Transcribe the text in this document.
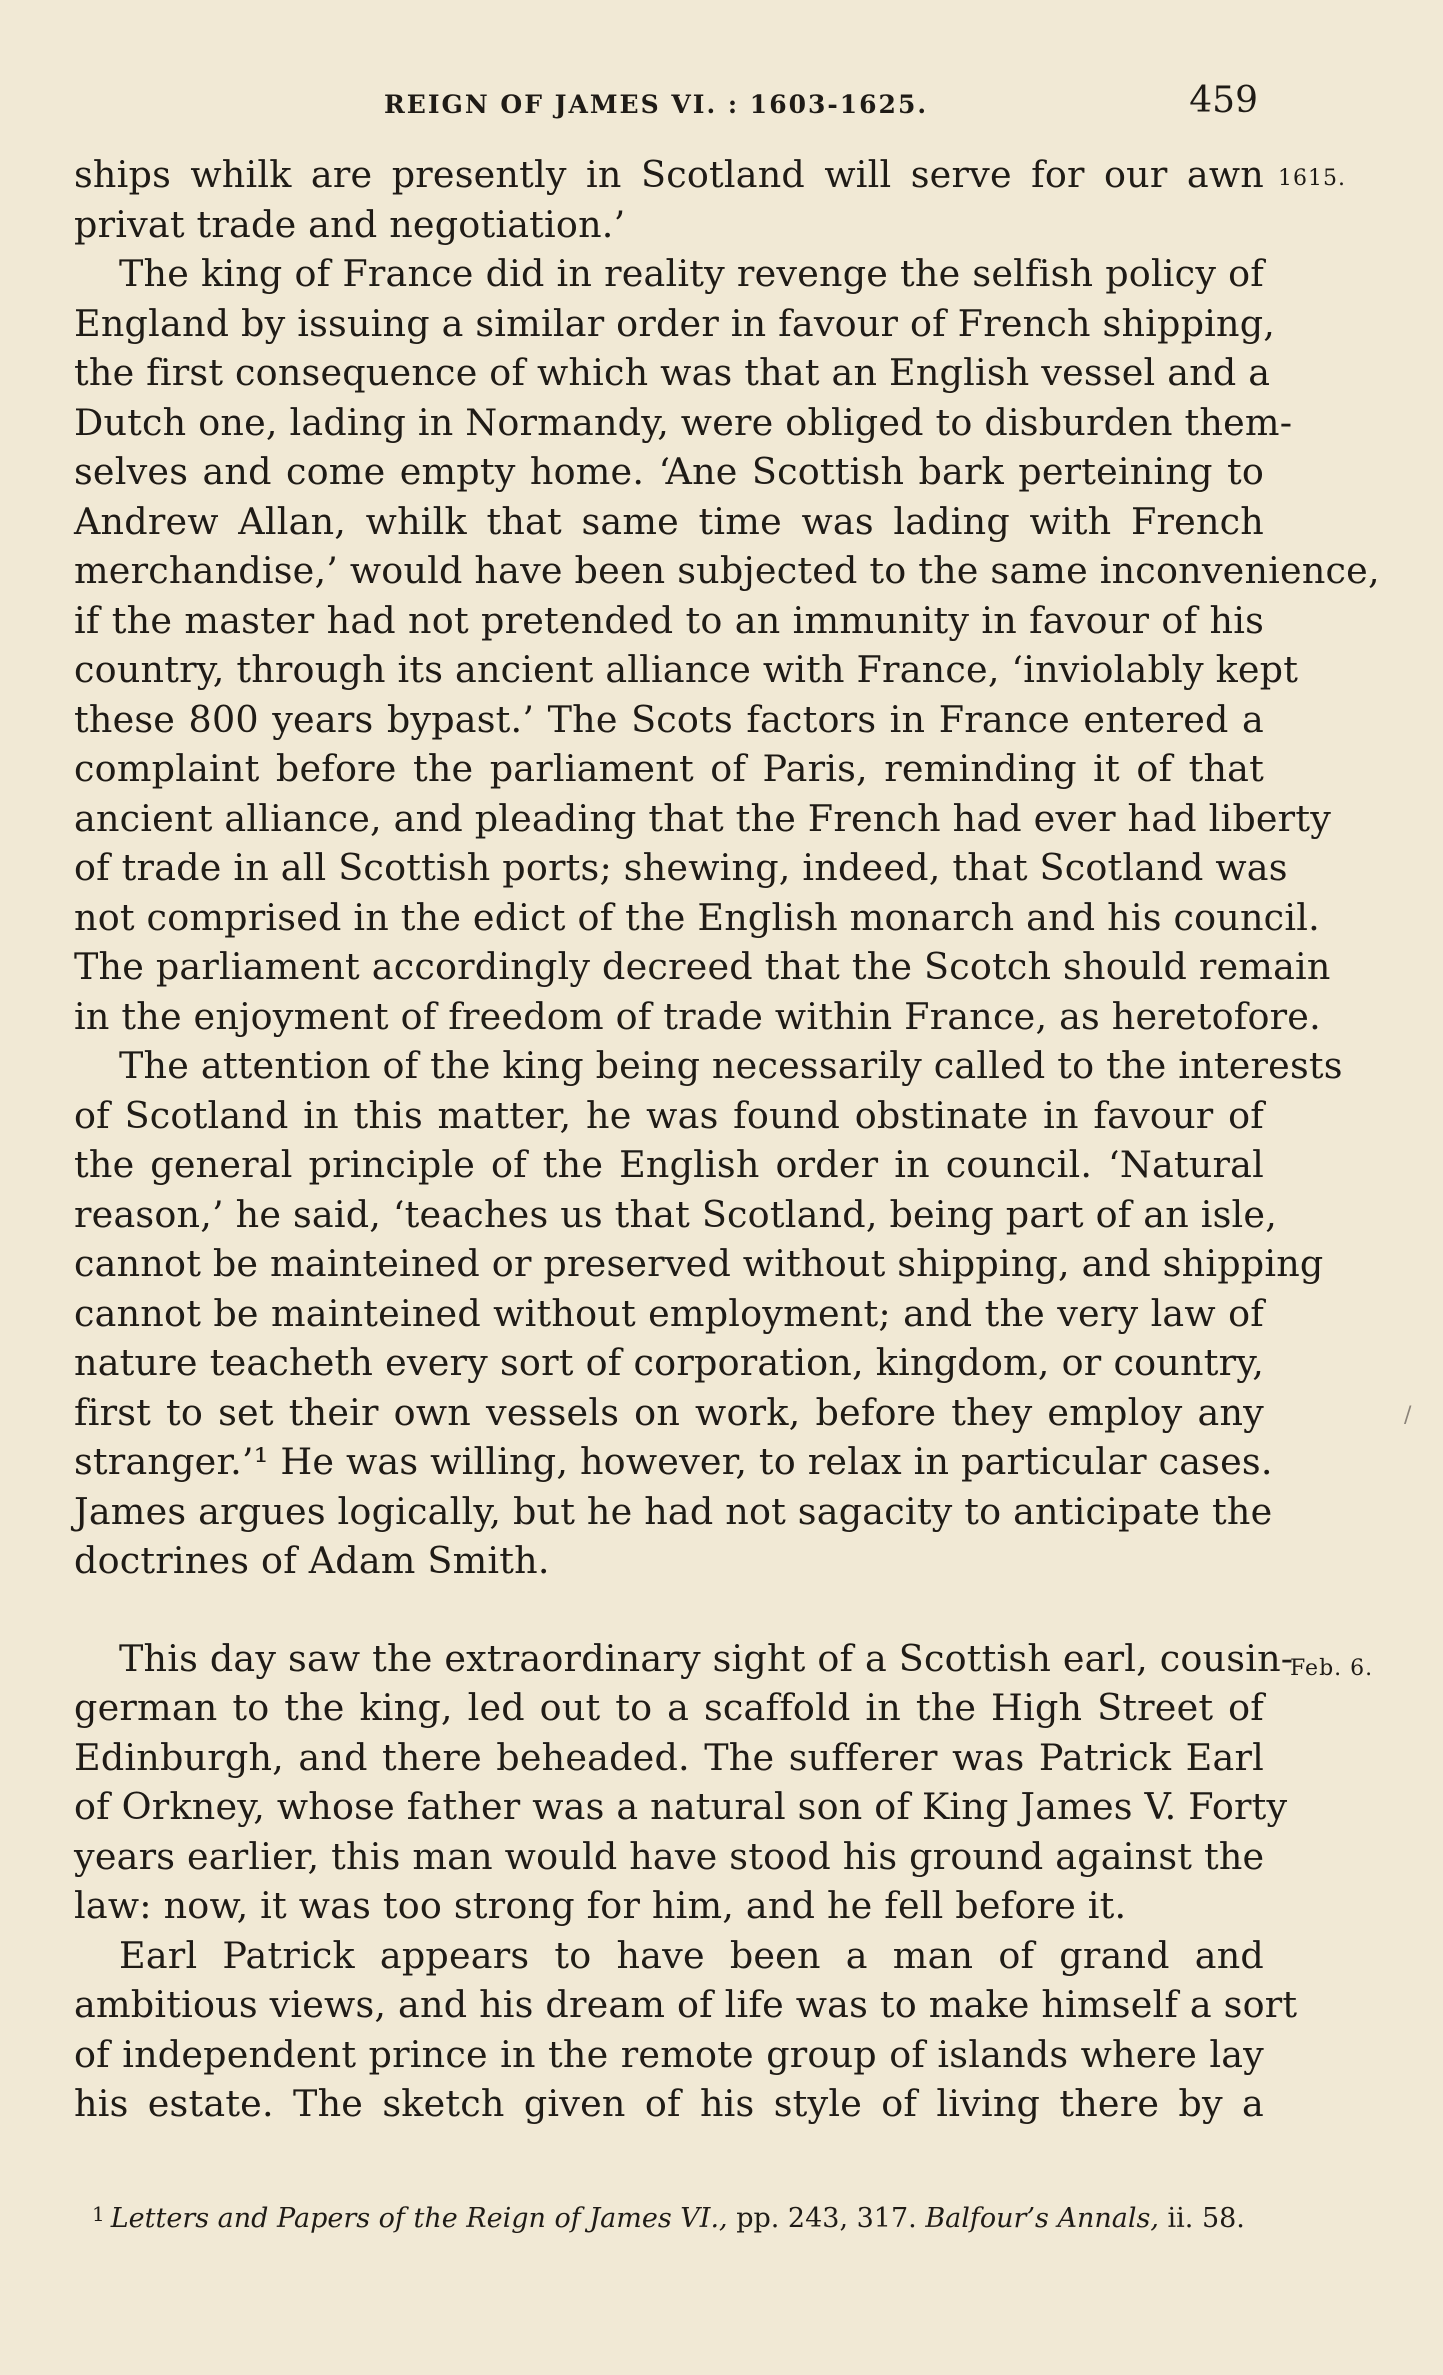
REIGN OF JAMES VI. : 1603-1625.	459
1615.
Feb. 6.
/
ships whilk are presently in Scotland will serve for our awn
privat trade and negotiation.’
The king of France did in reality revenge the selfish policy of
England by issuing a similar order in favour of French shipping,
the first consequence of which was that an English vessel and a
Dutch one, lading in Normandy, were obliged to disburden them-
selves and come empty home. ‘Ane Scottish bark perteining to
Andrew Allan, whilk that same time was lading with French
merchandise,’ would have been subjected to the same inconvenience,
if the master had not pretended to an immunity in favour of his
country, through its ancient alliance with France, ‘inviolably kept
these 800 years bypast.’ The Scots factors in France entered a
complaint before the parliament of Paris, reminding it of that
ancient alliance, and pleading that the French had ever had liberty
of trade in all Scottish ports; shewing, indeed, that Scotland was
not comprised in the edict of the English monarch and his council.
The parliament accordingly decreed that the Scotch should remain
in the enjoyment of freedom of trade within France, as heretofore.
The attention of the king being necessarily called to the interests
of Scotland in this matter, he was found obstinate in favour of
the general principle of the English order in council. ‘Natural
reason,’ he said, ‘teaches us that Scotland, being part of an isle,
cannot be mainteined or preserved without shipping, and shipping
cannot be mainteined without employment; and the very law of
nature teacheth every sort of corporation, kingdom, or country,
first to set their own vessels on work, before they employ any
stranger.’¹ He was willing, however, to relax in particular cases.
James argues logically, but he had not sagacity to anticipate the
doctrines of Adam Smith.
This day saw the extraordinary sight of a Scottish earl, cousin-
german to the king, led out to a scaffold in the High Street of
Edinburgh, and there beheaded. The sufferer was Patrick Earl
of Orkney, whose father was a natural son of King James V. Forty
years earlier, this man would have stood his ground against the
law: now, it was too strong for him, and he fell before it.
Earl Patrick appears to have been a man of grand and
ambitious views, and his dream of life was to make himself a sort
of independent prince in the remote group of islands where lay
his estate. The sketch given of his style of living there by a
$^1$ Letters and Papers of the Reign of James VI., pp. 243, 317. Balfour’s Annals, ii. 58.
